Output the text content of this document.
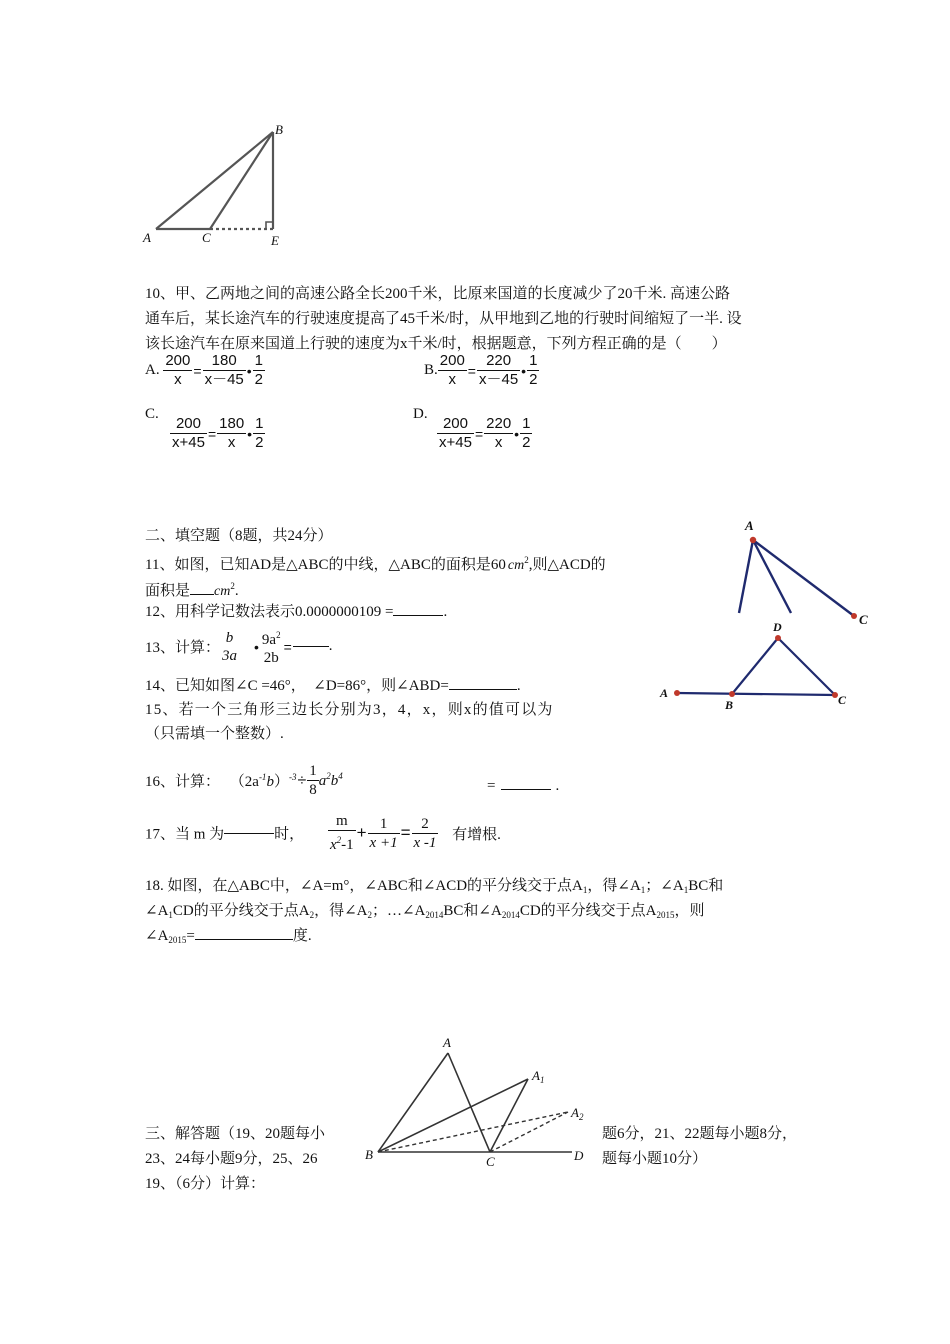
A	C	E
B
10、甲、乙两地之间的高速公路全长200千米，比原来国道的长度减少了20千米. 高速公路
通车后，某长途汽车的行驶速度提高了45千米/时，从甲地到乙地的行驶时间缩短了一半. 设
该长途汽车在原来国道上行驶的速度为x千米/时，根据题意，下列方程正确的是（　　）
A. $\frac{200}{x} = \frac{180}{x-45}$ • $\frac{1}{2}$	B. $\frac{200}{x} = \frac{220}{x-45}$ • $\frac{1}{2}$
C.
$\frac{200}{x+45} = \frac{180}{x}$ • $\frac{1}{2}$
D.
$\frac{200}{x+45} = \frac{220}{x}$ • $\frac{1}{2}$
二、填空题（8题，共24分）
11、如图，已知AD是△ABC的中线，△ABC的面积是60 $cm^2$,则△ACD的
面积是 $cm^2$.
12、用科学记数法表示0.0000000109 =	.
13、计算：
b
3a
• $9a^2$
2b
= .
14、已知如图∠C =46°，　∠D=86°，则∠ABD=	.
15、若一个三角形三边长分别为3，4，x，则x的值可以为
（只需填一个整数）.
16、计算： $(2a^{-1}b)^{-3}\div \frac{1}{8} a^2b^4$
=	.
17、当 m 为	时， $\frac{m}{x^2-1} + \frac{1}{x +1} = \frac{2}{x -1}$ 有增根.
18. 如图，在△ABC中，∠A=m°，∠ABC和∠ACD的平分线交于点$A_1$，得$\angle A_1$；$\angle A_1BC$和
$\angle A_1CD$的平分线交于点$A_2$，得$\angle A_2$；$\dots\angle A_{2014}BC$和$\angle A_{2014}CD$的平分线交于点$A_{2015}$，则
$\angle A_{2015}=$	度.
三、解答题（19、20题每小	题6分，21、22题每小题8分，
23、24每小题9分，25、26	题每小题10分）
19、（6分）计算：
A
C
A
B
D
C
A
$A_1$
$A_2$
B	C	D
